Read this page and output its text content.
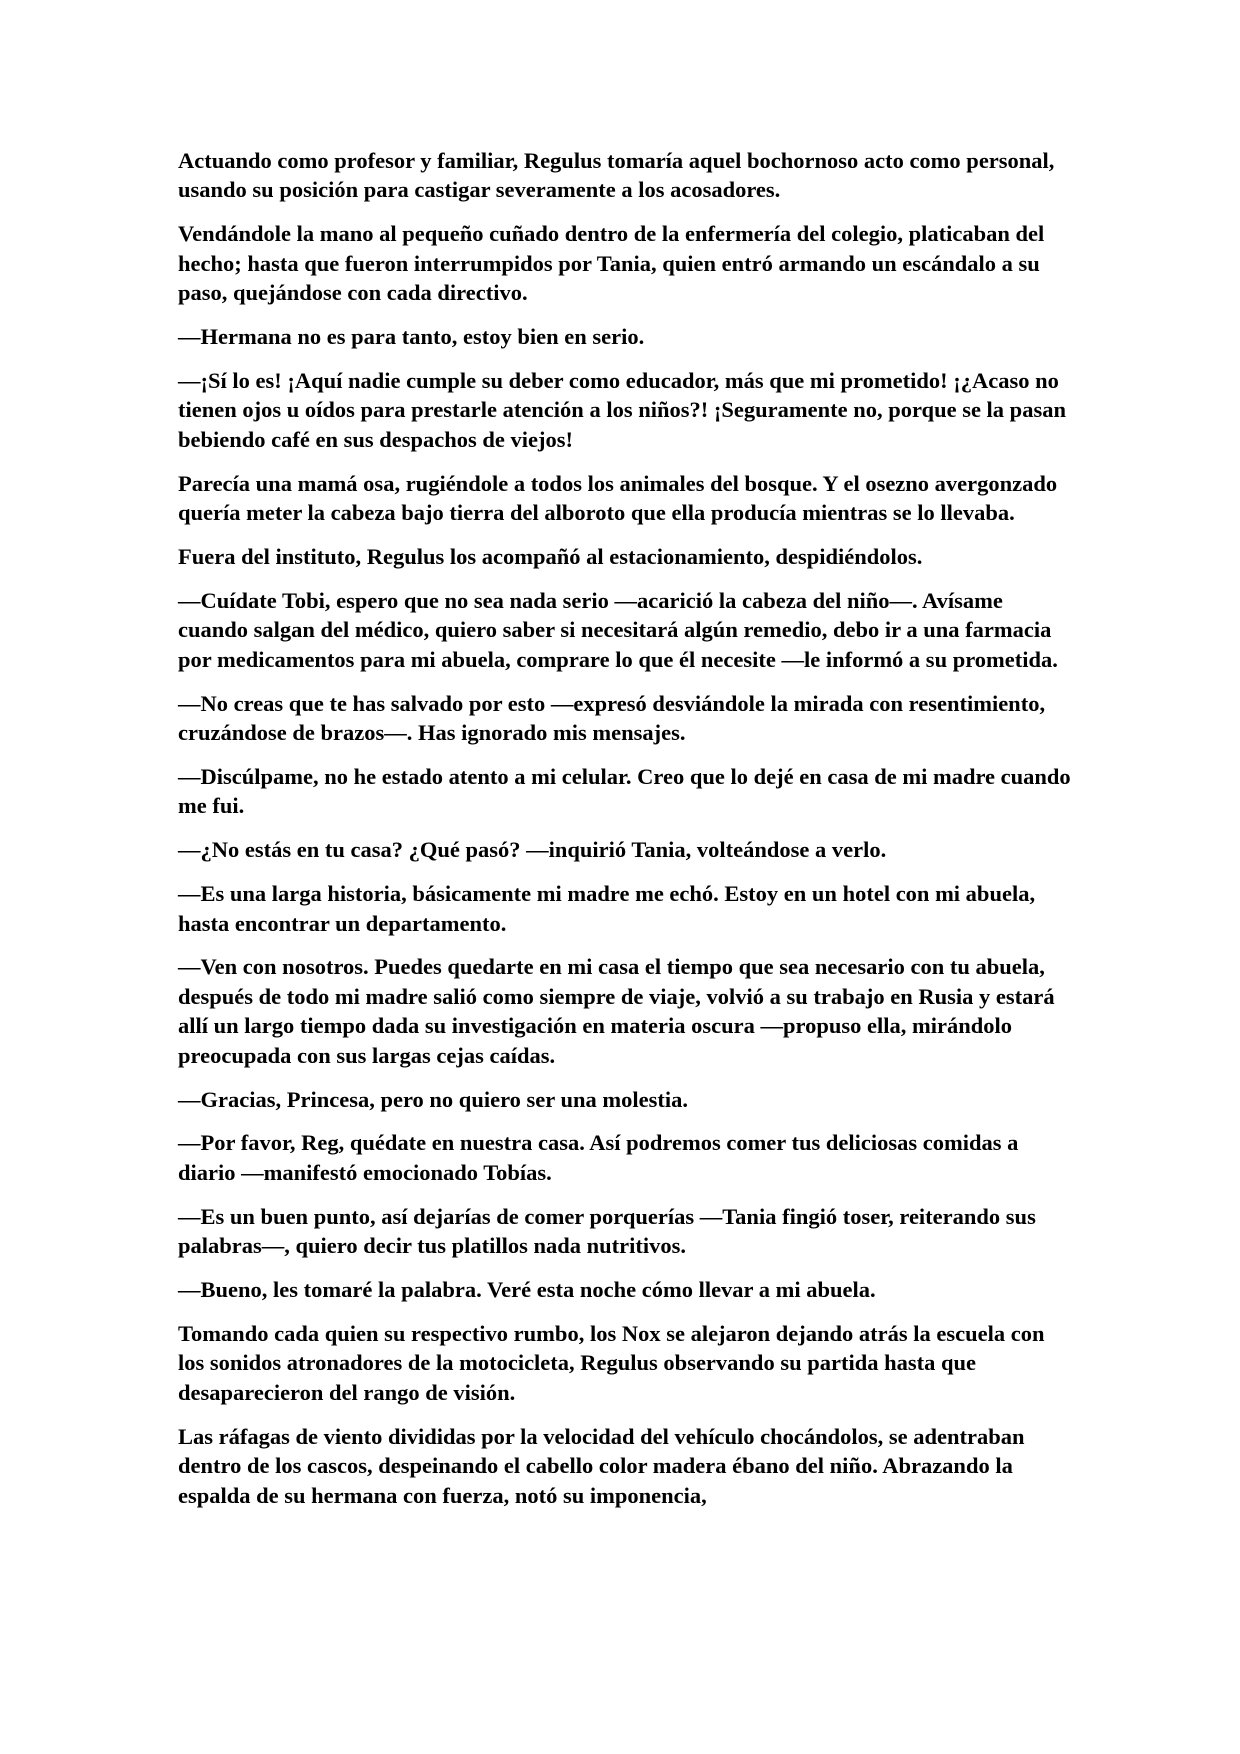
Actuando como profesor y familiar, Regulus tomaría aquel bochornoso acto como personal, usando su posición para castigar severamente a los acosadores.

Vendándole la mano al pequeño cuñado dentro de la enfermería del colegio, platicaban del hecho; hasta que fueron interrumpidos por Tania, quien entró armando un escándalo a su paso, quejándose con cada directivo.

—Hermana no es para tanto, estoy bien en serio.

—¡Sí lo es! ¡Aquí nadie cumple su deber como educador, más que mi prometido! ¡¿Acaso no tienen ojos u oídos para prestarle atención a los niños?! ¡Seguramente no, porque se la pasan bebiendo café en sus despachos de viejos!

Parecía una mamá osa, rugiéndole a todos los animales del bosque. Y el osezno avergonzado quería meter la cabeza bajo tierra del alboroto que ella producía mientras se lo llevaba.

Fuera del instituto, Regulus los acompañó al estacionamiento, despidiéndolos.

—Cuídate Tobi, espero que no sea nada serio —acarició la cabeza del niño—. Avísame cuando salgan del médico, quiero saber si necesitará algún remedio, debo ir a una farmacia por medicamentos para mi abuela, comprare lo que él necesite —le informó a su prometida.

—No creas que te has salvado por esto —expresó desviándole la mirada con resentimiento, cruzándose de brazos—. Has ignorado mis mensajes.

—Discúlpame, no he estado atento a mi celular. Creo que lo dejé en casa de mi madre cuando me fui.

—¿No estás en tu casa? ¿Qué pasó? —inquirió Tania, volteándose a verlo.

—Es una larga historia, básicamente mi madre me echó. Estoy en un hotel con mi abuela, hasta encontrar un departamento.

—Ven con nosotros. Puedes quedarte en mi casa el tiempo que sea necesario con tu abuela, después de todo mi madre salió como siempre de viaje, volvió a su trabajo en Rusia y estará allí un largo tiempo dada su investigación en materia oscura —propuso ella, mirándolo preocupada con sus largas cejas caídas.

—Gracias, Princesa, pero no quiero ser una molestia.

—Por favor, Reg, quédate en nuestra casa. Así podremos comer tus deliciosas comidas a diario —manifestó emocionado Tobías.

—Es un buen punto, así dejarías de comer porquerías —Tania fingió toser, reiterando sus palabras—, quiero decir tus platillos nada nutritivos.

—Bueno, les tomaré la palabra. Veré esta noche cómo llevar a mi abuela.

Tomando cada quien su respectivo rumbo, los Nox se alejaron dejando atrás la escuela con los sonidos atronadores de la motocicleta, Regulus observando su partida hasta que desaparecieron del rango de visión.

Las ráfagas de viento divididas por la velocidad del vehículo chocándolos, se adentraban dentro de los cascos, despeinando el cabello color madera ébano del niño. Abrazando la espalda de su hermana con fuerza, notó su imponencia,
